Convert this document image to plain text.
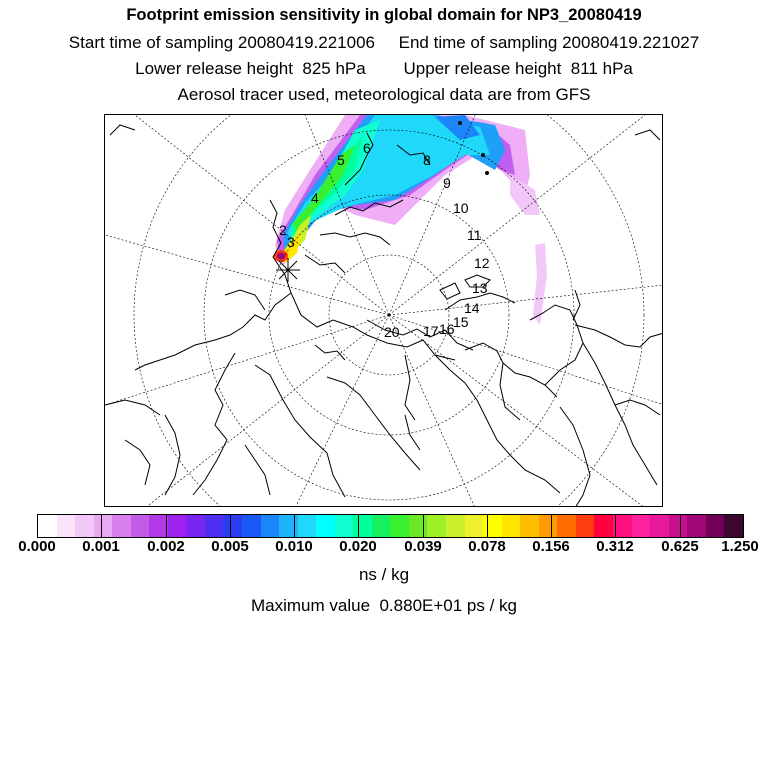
Footprint emission sensitivity in global domain for NP3_20080419
Start time of sampling 20080419.221006     End time of sampling 20080419.221027
Lower release height  825 hPa        Upper release height  811 hPa
Aerosol tracer used, meteorological data are from GFS
2
3
4
5
6
8
9
10
11
12
13
14
15
16
17
20
0.000 0.001 0.002 0.005 0.010 0.020 0.039 0.078 0.156 0.312 0.625 1.250
ns / kg
Maximum value  0.880E+01 ps / kg
